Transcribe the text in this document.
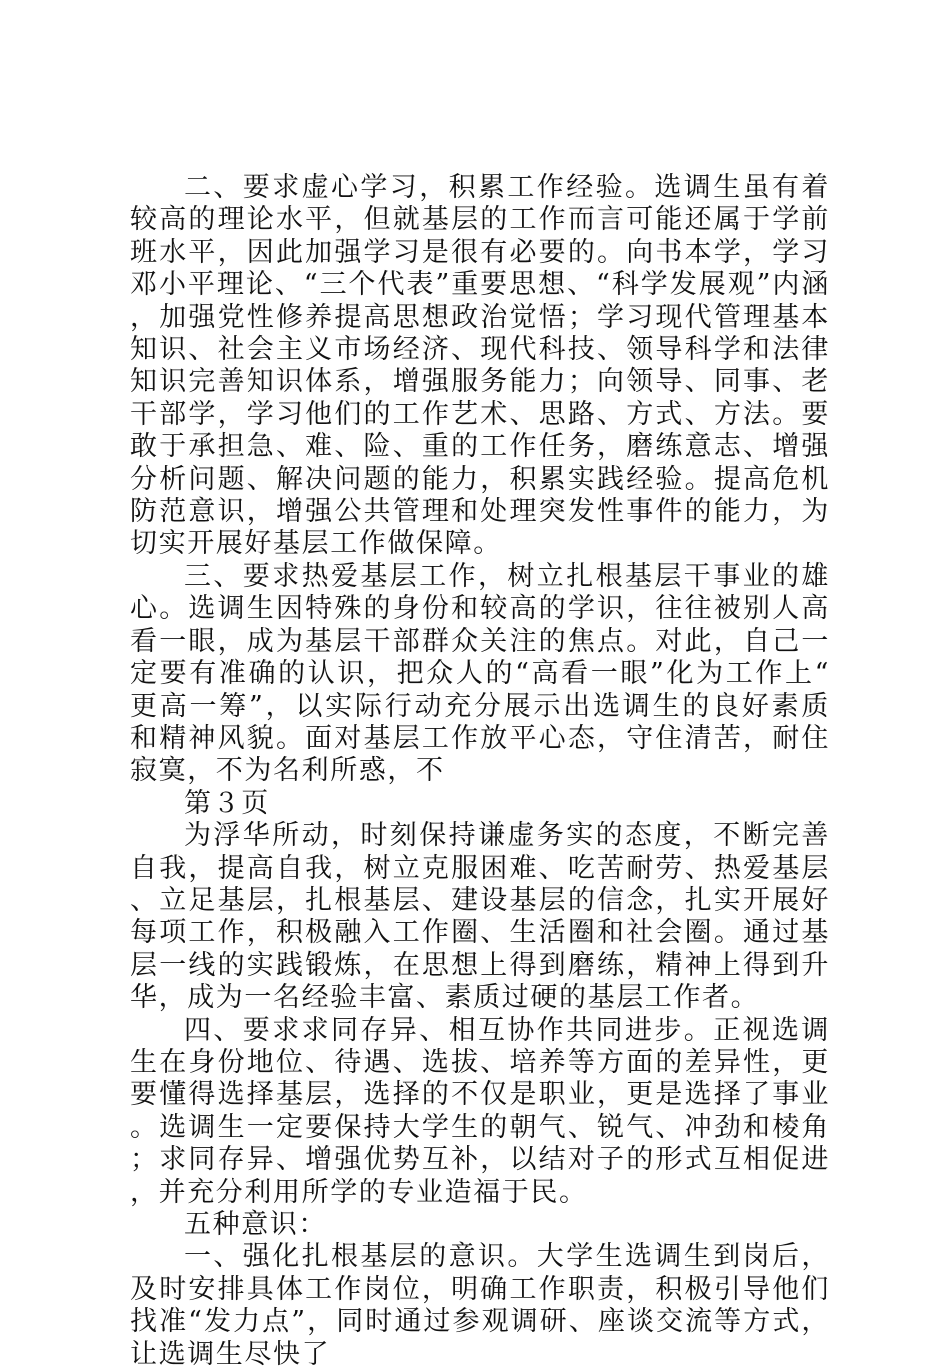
二、要求虚心学习，积累工作经验。选调生虽有着较高的理论水平，但就基层的工作而言可能还属于学前班水平，因此加强学习是很有必要的。向书本学，学习邓小平理论、“三个代表”重要思想、“科学发展观”内涵，加强党性修养提高思想政治觉悟；学习现代管理基本知识、社会主义市场经济、现代科技、领导科学和法律知识完善知识体系，增强服务能力；向领导、同事、老干部学，学习他们的工作艺术、思路、方式、方法。要敢于承担急、难、险、重的工作任务，磨练意志、增强分析问题、解决问题的能力，积累实践经验。提高危机防范意识，增强公共管理和处理突发性事件的能力，为切实开展好基层工作做保障。

三、要求热爱基层工作，树立扎根基层干事业的雄心。选调生因特殊的身份和较高的学识，往往被别人高看一眼，成为基层干部群众关注的焦点。对此，自己一定要有准确的认识，把众人的“高看一眼”化为工作上“更高一筹”，以实际行动充分展示出选调生的良好素质和精神风貌。面对基层工作放平心态，守住清苦，耐住寂寞，不为名利所惑，不

第３页

为浮华所动，时刻保持谦虚务实的态度，不断完善自我，提高自我，树立克服困难、吃苦耐劳、热爱基层、立足基层，扎根基层、建设基层的信念，扎实开展好每项工作，积极融入工作圈、生活圈和社会圈。通过基层一线的实践锻炼，在思想上得到磨练，精神上得到升华，成为一名经验丰富、素质过硬的基层工作者。

四、要求求同存异、相互协作共同进步。正视选调生在身份地位、待遇、选拔、培养等方面的差异性，更要懂得选择基层，选择的不仅是职业，更是选择了事业。选调生一定要保持大学生的朝气、锐气、冲劲和棱角；求同存异、增强优势互补，以结对子的形式互相促进，并充分利用所学的专业造福于民。

五种意识：

一、强化扎根基层的意识。大学生选调生到岗后，及时安排具体工作岗位，明确工作职责，积极引导他们找准“发力点”，同时通过参观调研、座谈交流等方式，让选调生尽快了
